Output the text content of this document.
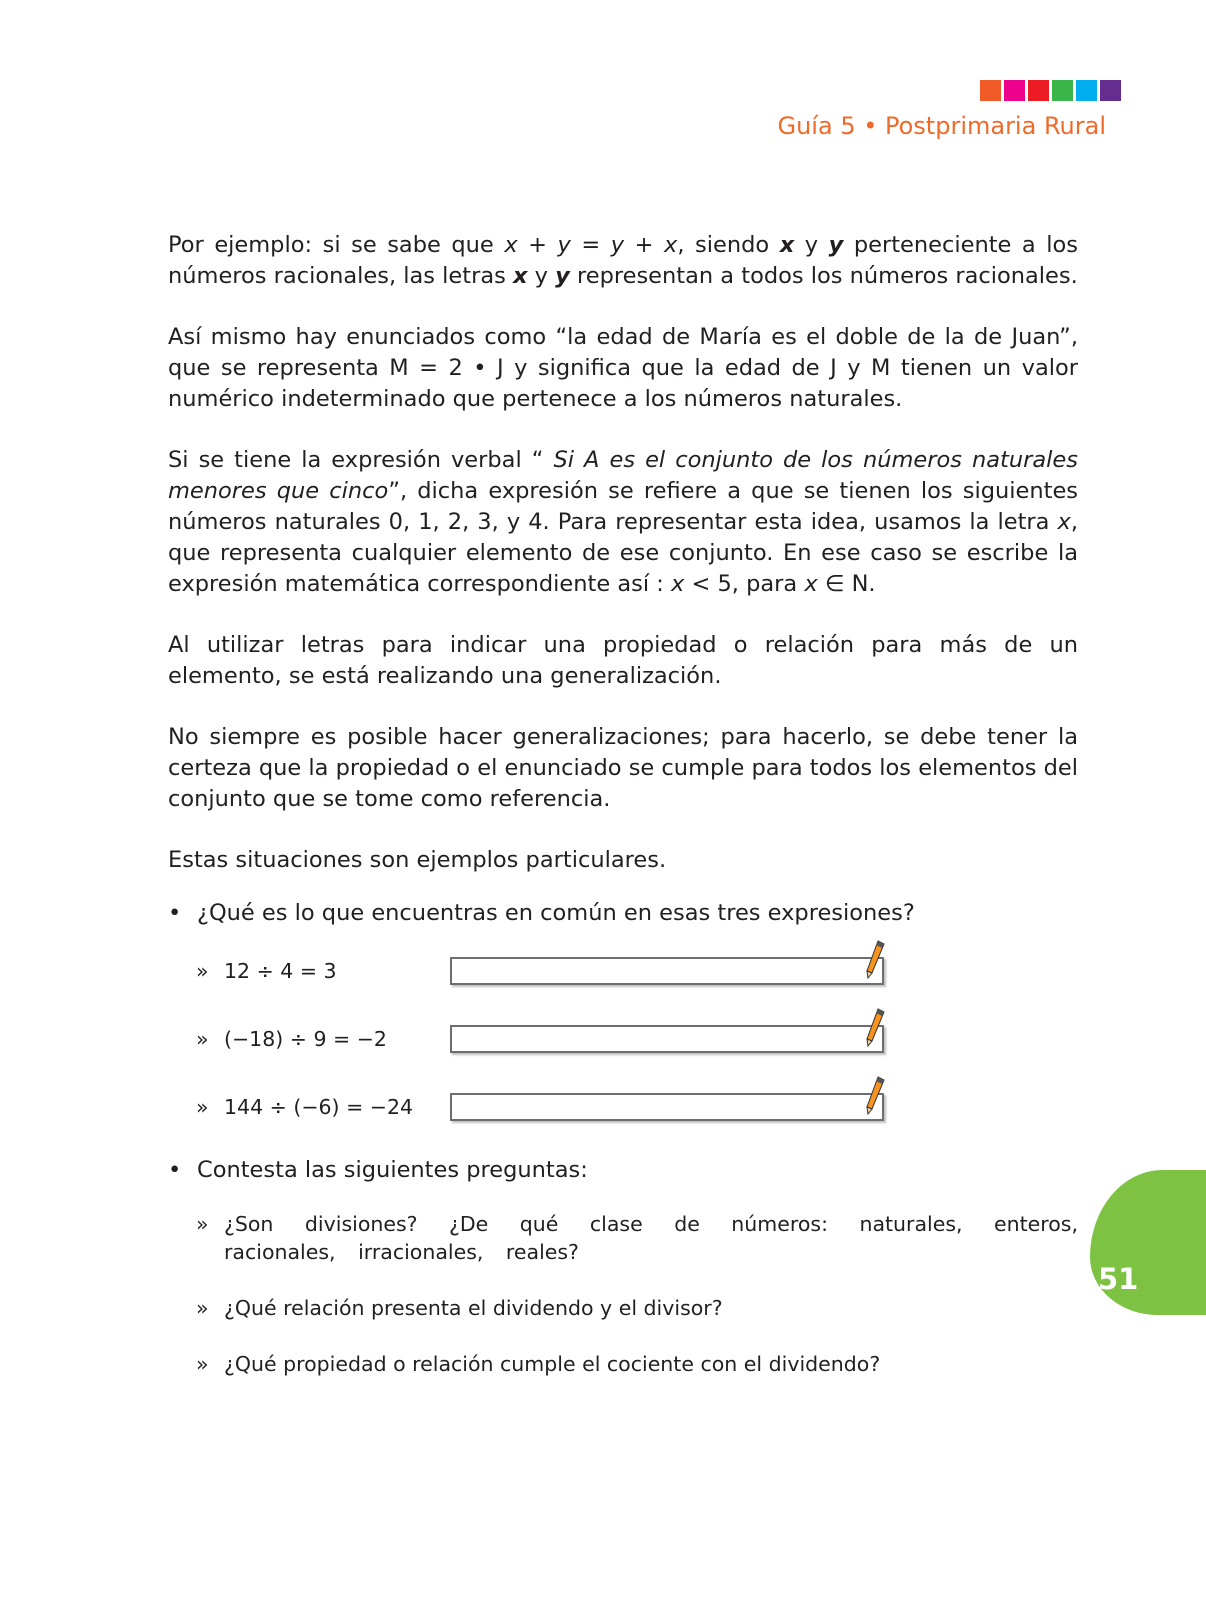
Guía 5 • Postprimaria Rural

Por ejemplo: si se sabe que x + y = y + x, siendo x y y perteneciente a los números racionales, las letras x y y representan a todos los números racionales.

Así mismo hay enunciados como “la edad de María es el doble de la de Juan”, que se representa M = 2 • J y significa que la edad de J y M tienen un valor numérico indeterminado que pertenece a los números naturales.

Si se tiene la expresión verbal “ Si A es el conjunto de los números naturales menores que cinco”, dicha expresión se refiere a que se tienen los siguientes números naturales 0, 1, 2, 3, y 4. Para representar esta idea, usamos la letra x, que representa cualquier elemento de ese conjunto. En ese caso se escribe la expresión matemática correspondiente así : x < 5, para x ∈ N.

Al utilizar letras para indicar una propiedad o relación para más de un elemento, se está realizando una generalización.

No siempre es posible hacer generalizaciones; para hacerlo, se debe tener la certeza que la propiedad o el enunciado se cumple para todos los elementos del conjunto que se tome como referencia.

Estas situaciones son ejemplos particulares.

• ¿Qué es lo que encuentras en común en esas tres expresiones?
» 12 ÷ 4 = 3
» (−18) ÷ 9 = −2
» 144 ÷ (−6) = −24
• Contesta las siguientes preguntas:
» ¿Son divisiones? ¿De qué clase de números: naturales, enteros, racionales, irracionales, reales?
» ¿Qué relación presenta el dividendo y el divisor?
» ¿Qué propiedad o relación cumple el cociente con el dividendo?
51
